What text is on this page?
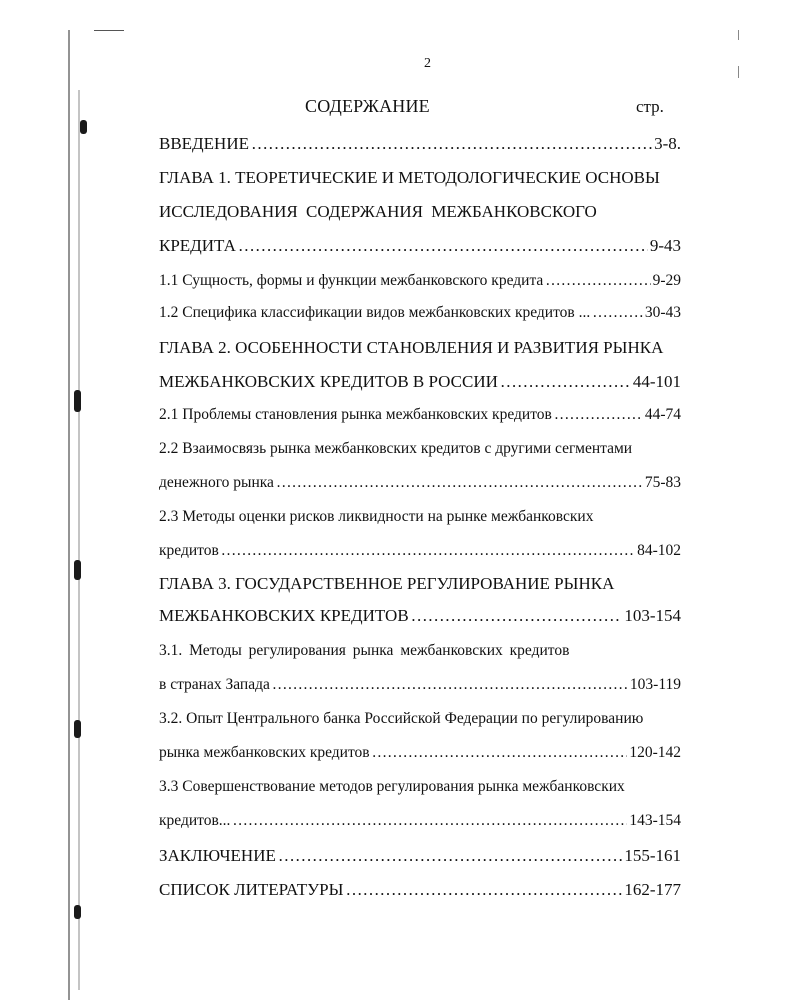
2
СОДЕРЖАНИЕ	стр.
ВВЕДЕНИЕ ………………………………………………………………………………………………………………………………………………………………	3-8.
ГЛАВА 1. ТЕОРЕТИЧЕСКИЕ И МЕТОДОЛОГИЧЕСКИЕ ОСНОВЫ
ИССЛЕДОВАНИЯ СОДЕРЖАНИЯ МЕЖБАНКОВСКОГО
КРЕДИТА ………………………………………………………………………………………………………………………………………………………………	9-43
1.1 Сущность, формы и функции межбанковского кредита ………………………………………………………………………………………………………………………………………………………………	9-29
1.2 Специфика классификации видов межбанковских кредитов ... ………………………………………………………………………………………………………………………………………………………………	30-43
ГЛАВА 2. ОСОБЕННОСТИ СТАНОВЛЕНИЯ И РАЗВИТИЯ РЫНКА
МЕЖБАНКОВСКИХ КРЕДИТОВ В РОССИИ ………………………………………………………………………………………………………………………………………………………………	44-101
2.1 Проблемы становления рынка межбанковских кредитов ………………………………………………………………………………………………………………………………………………………………	44-74
2.2 Взаимосвязь рынка межбанковских кредитов с другими сегментами
денежного рынка ………………………………………………………………………………………………………………………………………………………………	75-83
2.3 Методы оценки рисков ликвидности на рынке межбанковских
кредитов ………………………………………………………………………………………………………………………………………………………………	84-102
ГЛАВА 3. ГОСУДАРСТВЕННОЕ РЕГУЛИРОВАНИЕ РЫНКА
МЕЖБАНКОВСКИХ КРЕДИТОВ ………………………………………………………………………………………………………………………………………………………………	103-154
3.1. Методы регулирования рынка межбанковских кредитов
в странах Запада ………………………………………………………………………………………………………………………………………………………………	103-119
3.2. Опыт Центрального банка Российской Федерации по регулированию
рынка межбанковских кредитов ………………………………………………………………………………………………………………………………………………………………	120-142
3.3 Совершенствование методов регулирования рынка межбанковских
кредитов... ………………………………………………………………………………………………………………………………………………………………	143-154
ЗАКЛЮЧЕНИЕ ………………………………………………………………………………………………………………………………………………………………	155-161
СПИСОК ЛИТЕРАТУРЫ ………………………………………………………………………………………………………………………………………………………………	162-177
